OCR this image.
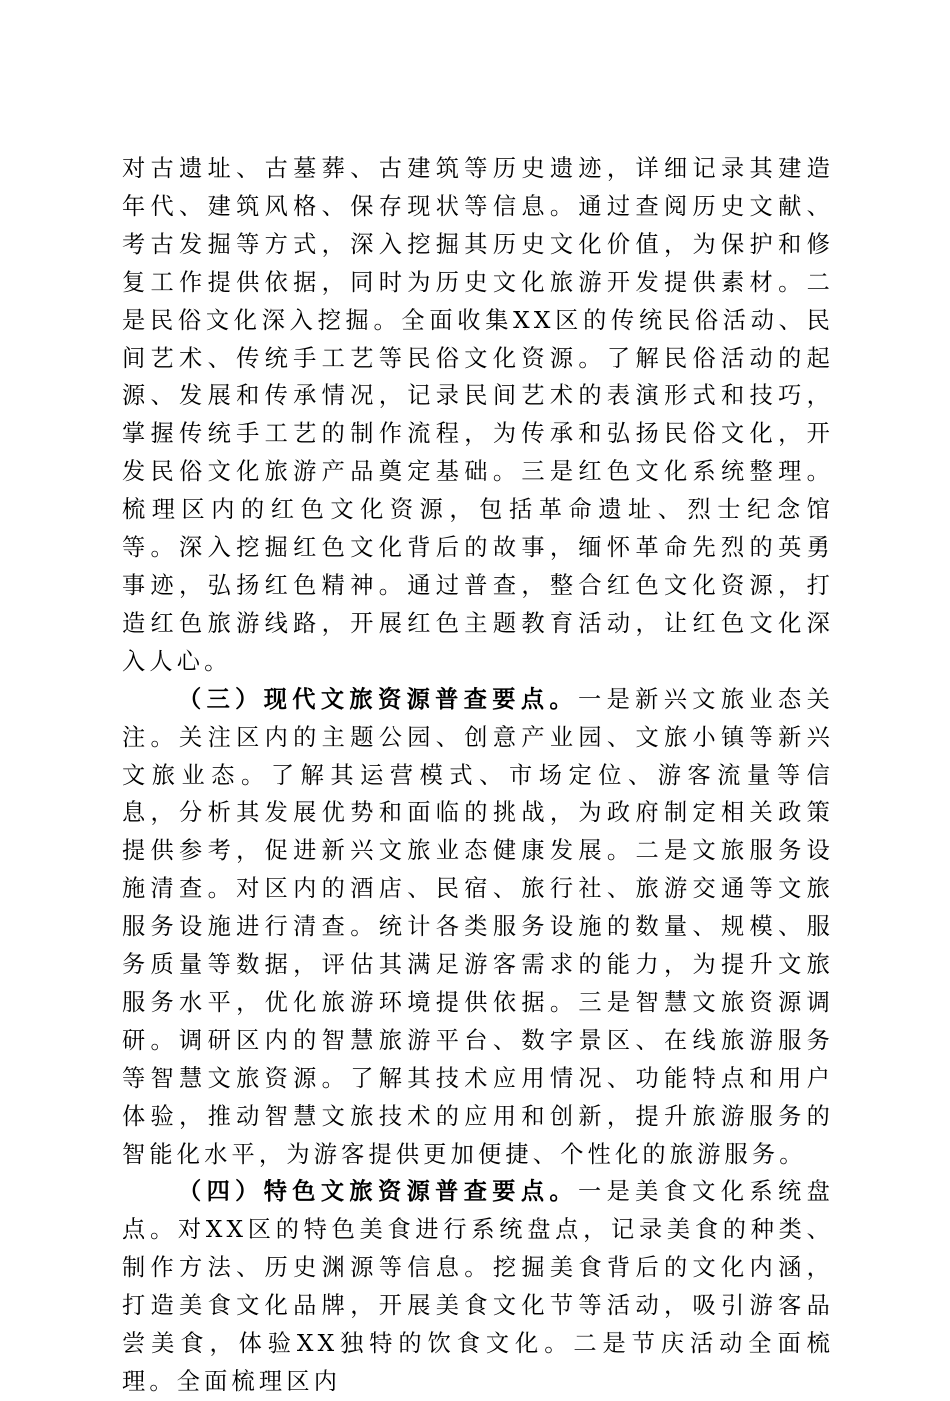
对古遗址、古墓葬、古建筑等历史遗迹，详细记录其建造年代、建筑风格、保存现状等信息。通过查阅历史文献、考古发掘等方式，深入挖掘其历史文化价值，为保护和修复工作提供依据，同时为历史文化旅游开发提供素材。二是民俗文化深入挖掘。全面收集XX区的传统民俗活动、民间艺术、传统手工艺等民俗文化资源。了解民俗活动的起源、发展和传承情况，记录民间艺术的表演形式和技巧，掌握传统手工艺的制作流程，为传承和弘扬民俗文化，开发民俗文化旅游产品奠定基础。三是红色文化系统整理。梳理区内的红色文化资源，包括革命遗址、烈士纪念馆等。深入挖掘红色文化背后的故事，缅怀革命先烈的英勇事迹，弘扬红色精神。通过普查，整合红色文化资源，打造红色旅游线路，开展红色主题教育活动，让红色文化深入人心。

（三）现代文旅资源普查要点。一是新兴文旅业态关注。关注区内的主题公园、创意产业园、文旅小镇等新兴文旅业态。了解其运营模式、市场定位、游客流量等信息，分析其发展优势和面临的挑战，为政府制定相关政策提供参考，促进新兴文旅业态健康发展。二是文旅服务设施清查。对区内的酒店、民宿、旅行社、旅游交通等文旅服务设施进行清查。统计各类服务设施的数量、规模、服务质量等数据，评估其满足游客需求的能力，为提升文旅服务水平，优化旅游环境提供依据。三是智慧文旅资源调研。调研区内的智慧旅游平台、数字景区、在线旅游服务等智慧文旅资源。了解其技术应用情况、功能特点和用户体验，推动智慧文旅技术的应用和创新，提升旅游服务的智能化水平，为游客提供更加便捷、个性化的旅游服务。

（四）特色文旅资源普查要点。一是美食文化系统盘点。对XX区的特色美食进行系统盘点，记录美食的种类、制作方法、历史渊源等信息。挖掘美食背后的文化内涵，打造美食文化品牌，开展美食文化节等活动，吸引游客品尝美食，体验XX独特的饮食文化。二是节庆活动全面梳理。全面梳理区内
